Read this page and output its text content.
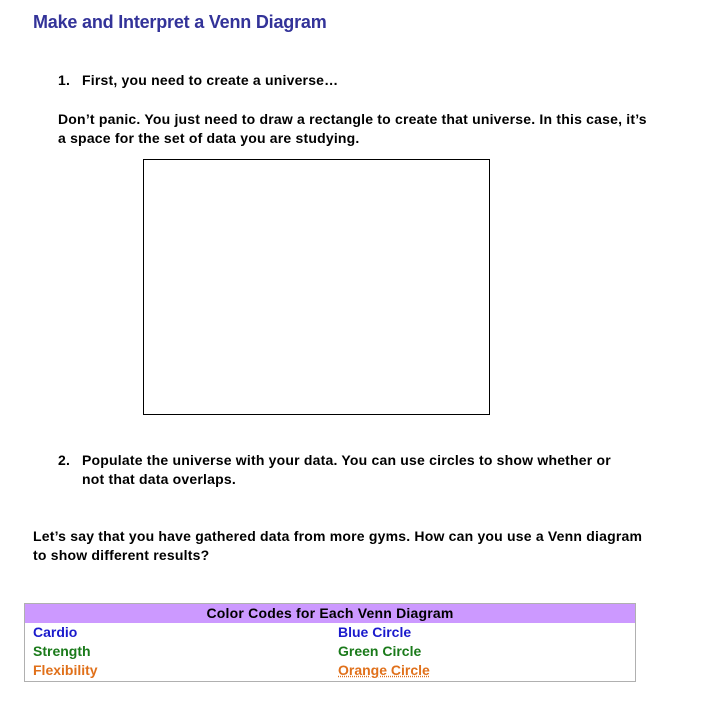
Make and Interpret a Venn Diagram
1. First, you need to create a universe…
Don’t panic. You just need to draw a rectangle to create that universe. In this case, it’s a space for the set of data you are studying.
2. Populate the universe with your data. You can use circles to show whether or not that data overlaps.
Let’s say that you have gathered data from more gyms. How can you use a Venn diagram to show different results?
Color Codes for Each Venn Diagram
Cardio	Blue Circle
Strength	Green Circle
Flexibility	Orange Circle
